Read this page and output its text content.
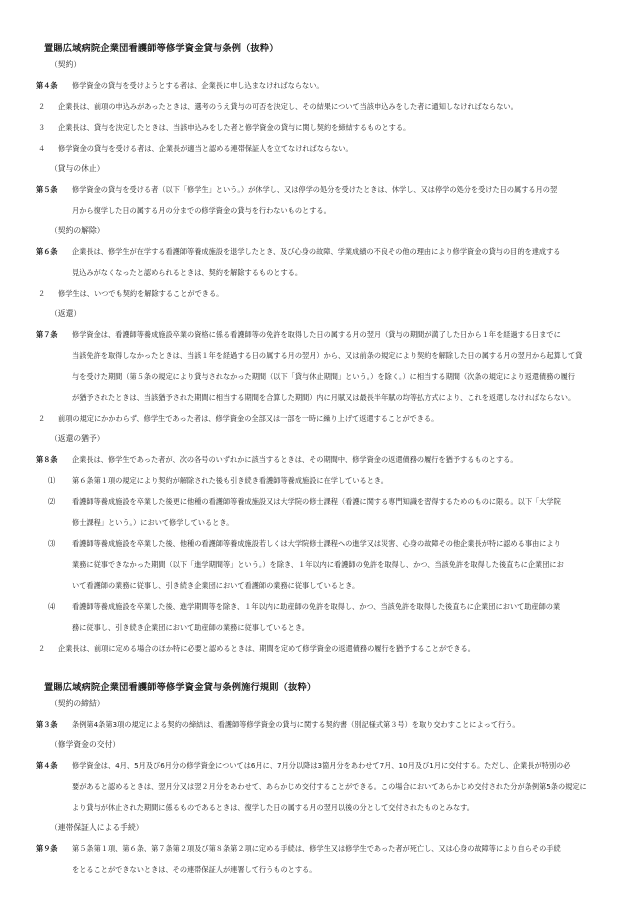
置賜広域病院企業団看護師等修学資金貸与条例（抜粋）
（契約）
第４条	修学資金の貸与を受けようとする者は、企業長に申し込まなければならない。
２ 企業長は、前項の申込みがあったときは、選考のうえ貸与の可否を決定し、その結果について当該申込みをした者に通知しなければならない。
３ 企業長は、貸与を決定したときは、当該申込みをした者と修学資金の貸与に関し契約を締結するものとする。
４ 修学資金の貸与を受ける者は、企業長が適当と認める連帯保証人を立てなければならない。
（貸与の休止）
第５条	修学資金の貸与を受ける者（以下「修学生」という。）が休学し、又は停学の処分を受けたときは、休学し、又は停学の処分を受けた日の属する月の翌
月から復学した日の属する月の分までの修学資金の貸与を行わないものとする。
（契約の解除）
第６条	企業長は、修学生が在学する看護師等養成施設を退学したとき、及び心身の故障、学業成績の不良その他の理由により修学資金の貸与の目的を達成する
見込みがなくなったと認められるときは、契約を解除するものとする。
２ 修学生は、いつでも契約を解除することができる。
（返還）
第７条	修学資金は、看護師等養成施設卒業の資格に係る看護師等の免許を取得した日の属する月の翌月（貸与の期間が満了した日から１年を経過する日までに
当該免許を取得しなかったときは、当該１年を経過する日の属する月の翌月）から、又は前条の規定により契約を解除した日の属する月の翌月から起算して貸
与を受けた期間（第５条の規定により貸与されなかった期間（以下「貸与休止期間」という。）を除く。）に相当する期間（次条の規定により返還債務の履行
が猶予されたときは、当該猶予された期間に相当する期間を合算した期間）内に月賦又は最長半年賦の均等払方式により、これを返還しなければならない。
２ 前項の規定にかかわらず、修学生であった者は、修学資金の全部又は一部を一時に繰り上げて返還することができる。
（返還の猶予）
第８条	企業長は、修学生であった者が、次の各号のいずれかに該当するときは、その期間中、修学資金の返還債務の履行を猶予するものとする。
⑴ 第６条第１項の規定により契約が解除された後も引き続き看護師等養成施設に在学しているとき。
⑵ 看護師等養成施設を卒業した後更に他種の看護師等養成施設又は大学院の修士課程（看護に関する専門知識を習得するためのものに限る。以下「大学院
修士課程」という。）において修学しているとき。
⑶ 看護師等養成施設を卒業した後、他種の看護師等養成施設若しくは大学院修士課程への進学又は災害、心身の故障その他企業長が特に認める事由により
業務に従事できなかった期間（以下「進学期間等」という。）を除き、１年以内に看護師の免許を取得し、かつ、当該免許を取得した後直ちに企業団にお
いて看護師の業務に従事し、引き続き企業団において看護師の業務に従事しているとき。
⑷ 看護師等養成施設を卒業した後、進学期間等を除き、１年以内に助産師の免許を取得し、かつ、当該免許を取得した後直ちに企業団において助産師の業
務に従事し、引き続き企業団において助産師の業務に従事しているとき。
２ 企業長は、前項に定める場合のほか特に必要と認めるときは、期間を定めて修学資金の返還債務の履行を猶予することができる。
置賜広域病院企業団看護師等修学資金貸与条例施行規則（抜粋）
（契約の締結）
第３条	条例第4条第3項の規定による契約の締結は、看護師等修学資金の貸与に関する契約書（別記様式第３号）を取り交わすことによって行う。
（修学資金の交付）
第４条	修学資金は、4月、5月及び6月分の修学資金については6月に、7月分以降は3箇月分をあわせて7月、10月及び1月に交付する。ただし、企業長が特別の必
要があると認めるときは、翌月分又は翌２月分をあわせて、あらかじめ交付することができる。この場合においてあらかじめ交付された分が条例第5条の規定に
より貸与が休止された期間に係るものであるときは、復学した日の属する月の翌月以後の分として交付されたものとみなす。
（連帯保証人による手続）
第９条	第５条第１項、第６条、第７条第２項及び第８条第２項に定める手続は、修学生又は修学生であった者が死亡し、又は心身の故障等により自らその手続
をとることができないときは、その連帯保証人が連署して行うものとする。
